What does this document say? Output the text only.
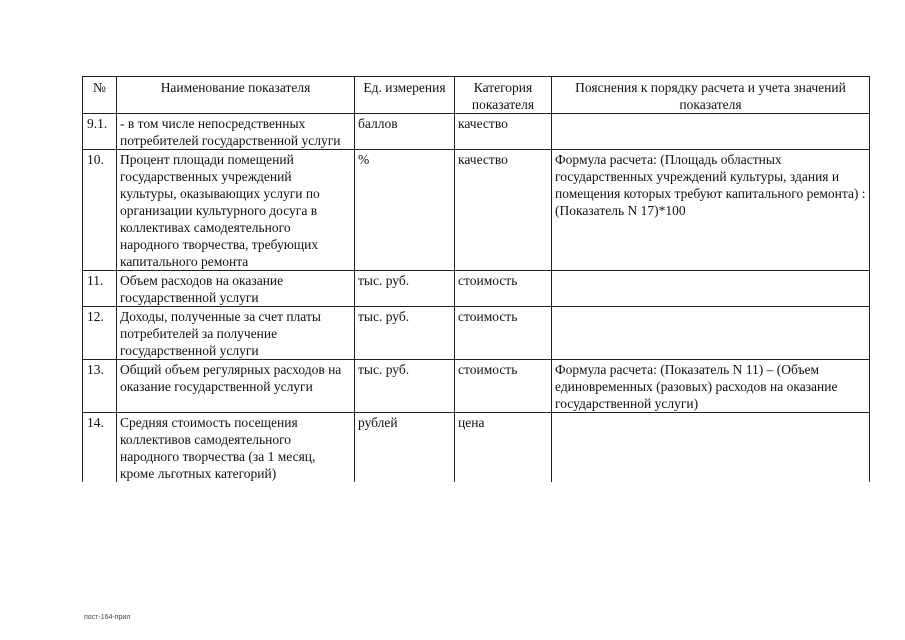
№	Наименование показателя	Ед. измерения	Категория показателя	Пояснения к порядку расчета и учета значений показателя
9.1.	- в том числе непосредственных потребителей государственной услуги	баллов	качество	
10.	Процент площади помещений государственных учреждений культуры, оказывающих услуги по организации культурного досуга в коллективах самодеятельного народного творчества, требующих капитального ремонта	%	качество	Формула расчета: (Площадь областных государственных учреждений культуры, здания и помещения которых требуют капитального ремонта) : (Показатель N 17)*100
11.	Объем расходов на оказание государственной услуги	тыс. руб.	стоимость	
12.	Доходы, полученные за счет платы потребителей за получение государственной услуги	тыс. руб.	стоимость	
13.	Общий объем регулярных расходов на оказание государственной услуги	тыс. руб.	стоимость	Формула расчета: (Показатель N 11) – (Объем единовременных (разовых) расходов на оказание государственной услуги)
14.	Средняя стоимость посещения коллективов самодеятельного народного творчества (за 1 месяц, кроме льготных категорий)	рублей	цена	
пост-164-прил
